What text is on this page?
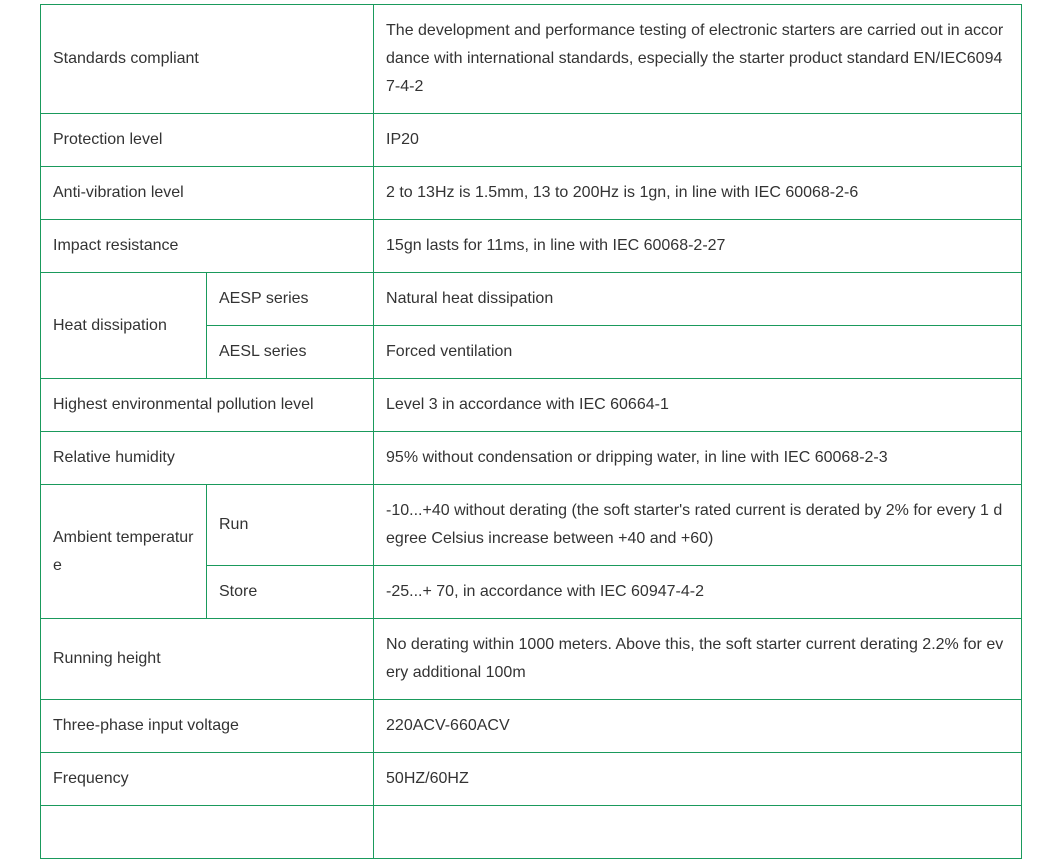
Standards compliant		The development and performance testing of electronic starters are carried out in accordance with international standards, especially the starter product standard EN/IEC60947-4-2
Protection level		IP20
Anti-vibration level		2 to 13Hz is 1.5mm, 13 to 200Hz is 1gn, in line with IEC 60068-2-6
Impact resistance		15gn lasts for 11ms, in line with IEC 60068-2-27
Heat dissipation	AESP series	Natural heat dissipation
	AESL series	Forced ventilation
Highest environmental pollution level		Level 3 in accordance with IEC 60664-1
Relative humidity		95% without condensation or dripping water, in line with IEC 60068-2-3
Ambient temperature	Run	-10...+40 without derating (the soft starter's rated current is derated by 2% for every 1 degree Celsius increase between +40 and +60)
	Store	-25...+ 70, in accordance with IEC 60947-4-2
Running height		No derating within 1000 meters. Above this, the soft starter current derating 2.2% for every additional 100m
Three-phase input voltage		220ACV-660ACV
Frequency		50HZ/60HZ
